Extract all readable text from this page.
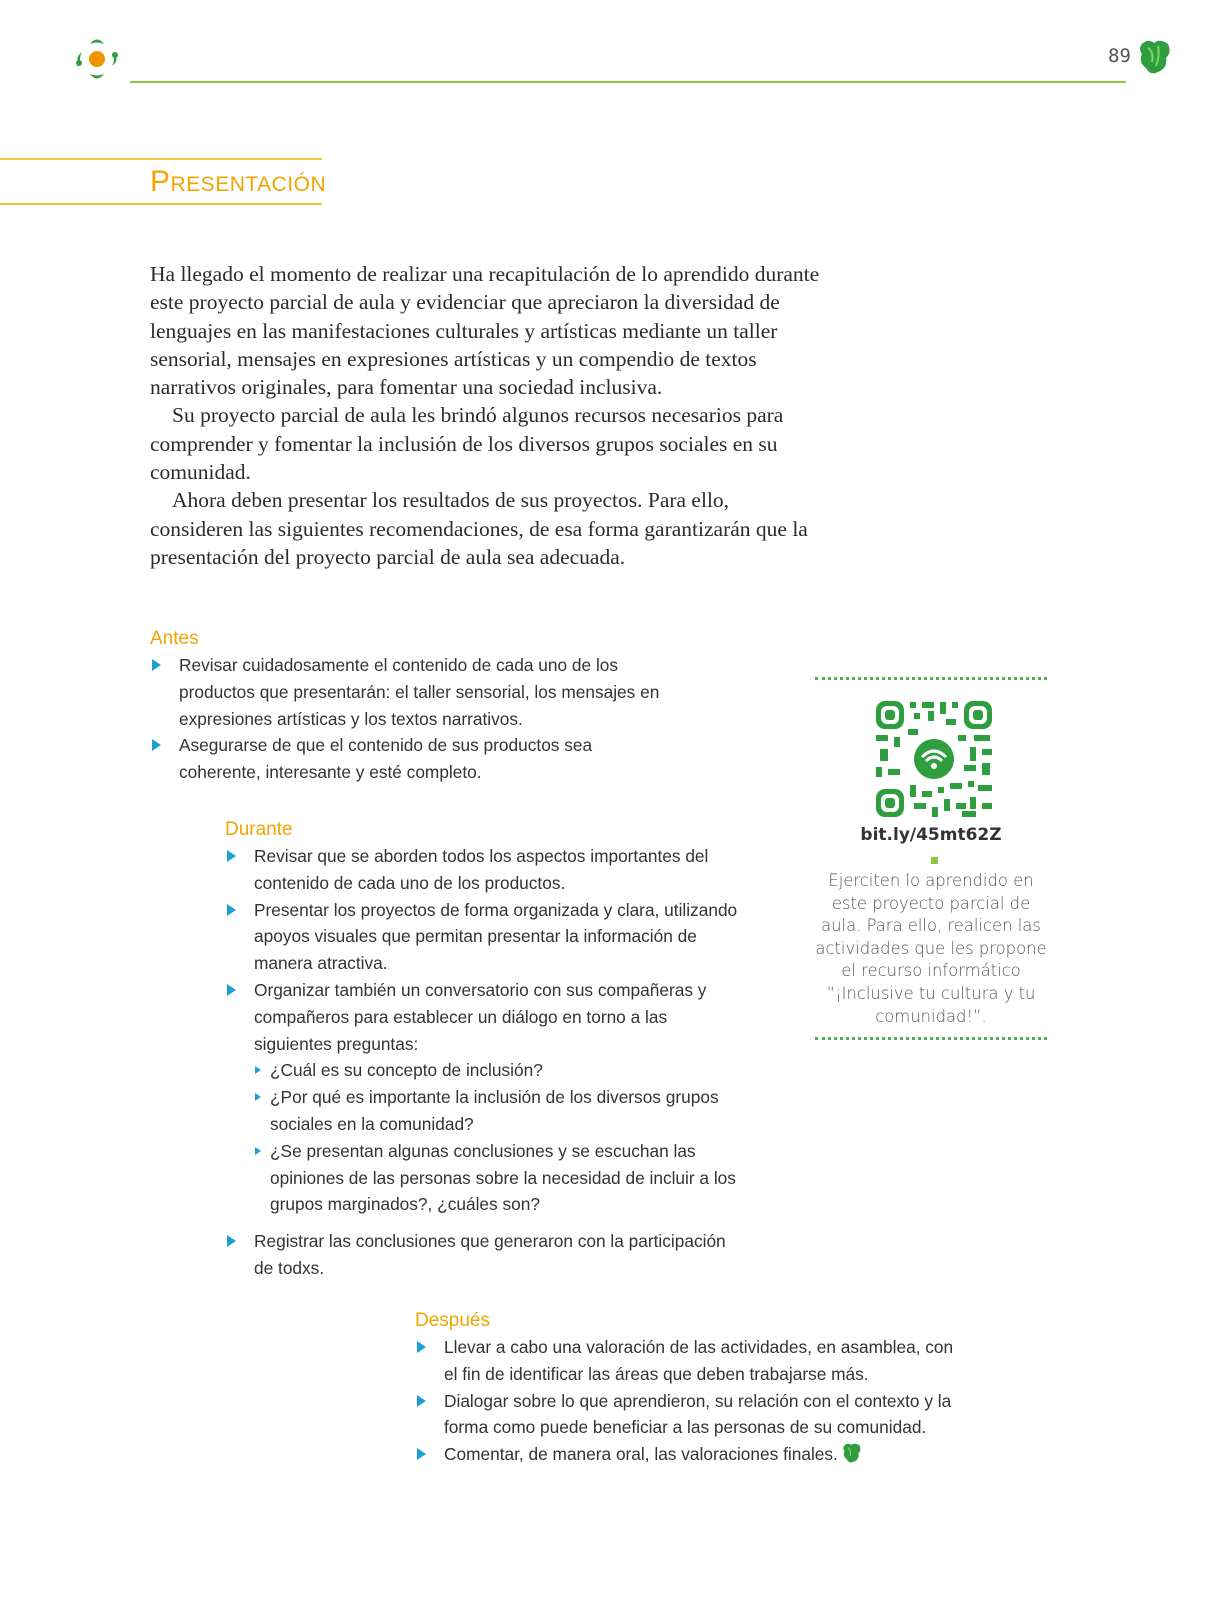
89
Presentación

Ha llegado el momento de realizar una recapitulación de lo aprendido durante este proyecto parcial de aula y evidenciar que apreciaron la diversidad de lenguajes en las manifestaciones culturales y artísticas mediante un taller sensorial, mensajes en expresiones artísticas y un compendio de textos narrativos originales, para fomentar una sociedad inclusiva.

Su proyecto parcial de aula les brindó algunos recursos necesarios para comprender y fomentar la inclusión de los diversos grupos sociales en su comunidad.

Ahora deben presentar los resultados de sus proyectos. Para ello, consideren las siguientes recomendaciones, de esa forma garantizarán que la presentación del proyecto parcial de aula sea adecuada.

Antes
Revisar cuidadosamente el contenido de cada uno de los productos que presentarán: el taller sensorial, los mensajes en expresiones artísticas y los textos narrativos.
Asegurarse de que el contenido de sus productos sea coherente, interesante y esté completo.
Durante
Revisar que se aborden todos los aspectos importantes del contenido de cada uno de los productos.
Presentar los proyectos de forma organizada y clara, utilizando apoyos visuales que permitan presentar la información de manera atractiva.
Organizar también un conversatorio con sus compañeras y compañeros para establecer un diálogo en torno a las siguientes preguntas:
¿Cuál es su concepto de inclusión?
¿Por qué es importante la inclusión de los diversos grupos sociales en la comunidad?
¿Se presentan algunas conclusiones y se escuchan las opiniones de las personas sobre la necesidad de incluir a los grupos marginados?, ¿cuáles son?
Registrar las conclusiones que generaron con la participación de todxs.
Después
Llevar a cabo una valoración de las actividades, en asamblea, con el fin de identificar las áreas que deben trabajarse más.
Dialogar sobre lo que aprendieron, su relación con el contexto y la forma como puede beneficiar a las personas de su comunidad.
Comentar, de manera oral, las valoraciones finales.
bit.ly/45mt62Z
Ejerciten lo aprendido en este proyecto parcial de aula. Para ello, realicen las actividades que les propone el recurso informático “¡Inclusive tu cultura y tu comunidad!”.
